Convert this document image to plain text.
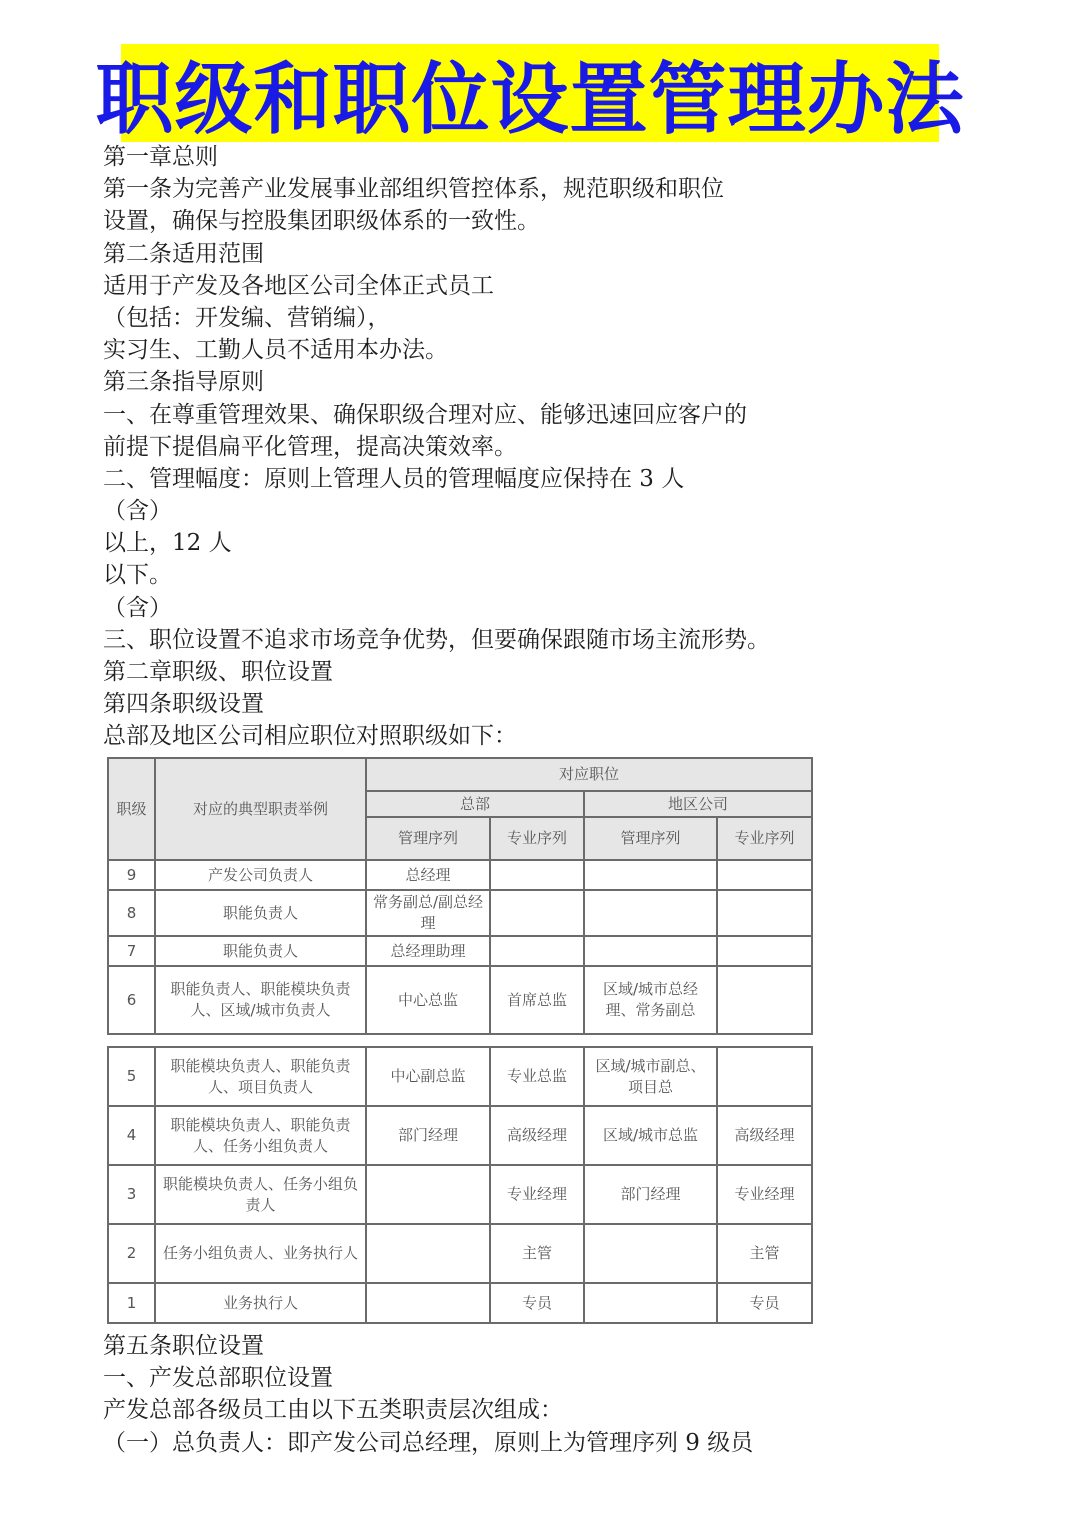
职级和职位设置管理办法
第一章总则
第一条为完善产业发展事业部组织管控体系，规范职级和职位
设置，确保与控股集团职级体系的一致性。
第二条适用范围
适用于产发及各地区公司全体正式员工
（包括：开发编、营销编），
实习生、工勤人员不适用本办法。
第三条指导原则
一、在尊重管理效果、确保职级合理对应、能够迅速回应客户的
前提下提倡扁平化管理，提高决策效率。
二、管理幅度：原则上管理人员的管理幅度应保持在 3 人
（含）
以上，12 人
以下。
（含）
三、职位设置不追求市场竞争优势，但要确保跟随市场主流形势。
第二章职级、职位设置
第四条职级设置
总部及地区公司相应职位对照职级如下：
职级	对应的典型职责举例	对应职位			
		总部		地区公司	
		管理序列	专业序列	管理序列	专业序列
9	产发公司负责人	总经理			
8	职能负责人	常务副总/副总经理			
7	职能负责人	总经理助理			
6	职能负责人、职能模块负责人、区域/城市负责人	中心总监	首席总监	区域/城市总经理、常务副总	
5	职能模块负责人、职能负责人、项目负责人	中心副总监	专业总监	区域/城市副总、项目总	
4	职能模块负责人、职能负责人、任务小组负责人	部门经理	高级经理	区域/城市总监	高级经理
3	职能模块负责人、任务小组负责人		专业经理	部门经理	专业经理
2	任务小组负责人、业务执行人		主管		主管
1	业务执行人		专员		专员
第五条职位设置
一、产发总部职位设置
产发总部各级员工由以下五类职责层次组成：
（一）总负责人：即产发公司总经理，原则上为管理序列 9 级员
